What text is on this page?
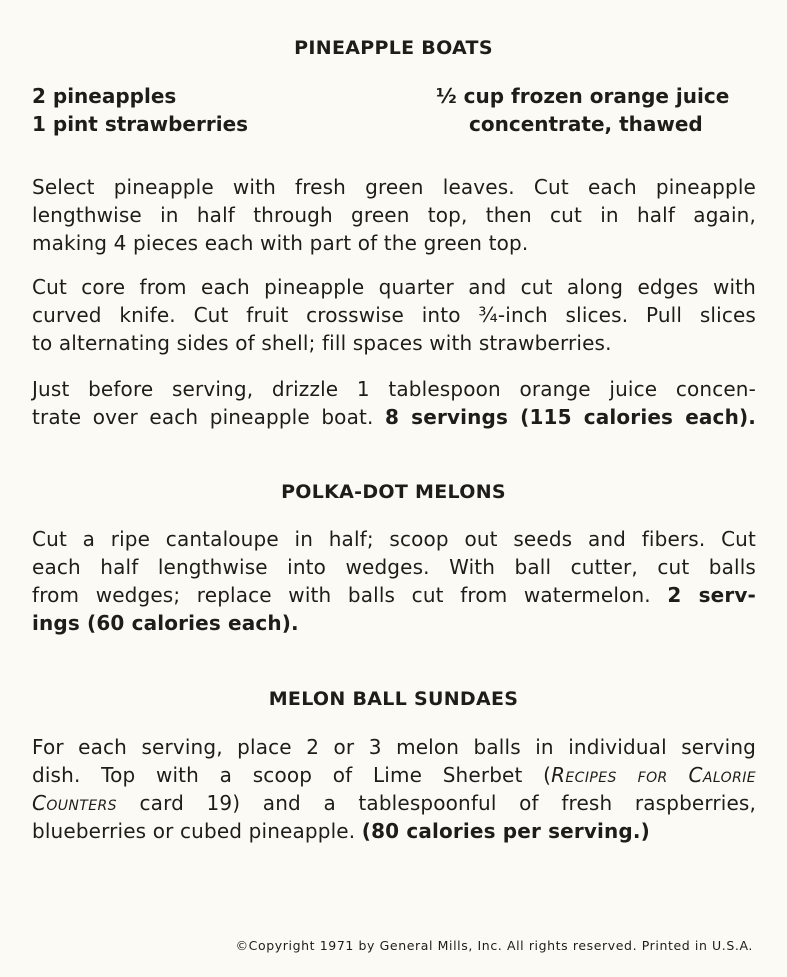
PINEAPPLE BOATS
2 pineapples
1 pint strawberries
½ cup frozen orange juice
concentrate, thawed
Select pineapple with fresh green leaves. Cut each pineapple
lengthwise in half through green top, then cut in half again,
making 4 pieces each with part of the green top.
Cut core from each pineapple quarter and cut along edges with
curved knife. Cut fruit crosswise into ¾-inch slices. Pull slices
to alternating sides of shell; fill spaces with strawberries.
Just before serving, drizzle 1 tablespoon orange juice concen-
trate over each pineapple boat. 8 servings (115 calories each).
POLKA-DOT MELONS
Cut a ripe cantaloupe in half; scoop out seeds and fibers. Cut
each half lengthwise into wedges. With ball cutter, cut balls
from wedges; replace with balls cut from watermelon. 2 serv-
ings (60 calories each).
MELON BALL SUNDAES
For each serving, place 2 or 3 melon balls in individual serving
dish. Top with a scoop of Lime Sherbet (Recipes for Calorie
Counters card 19) and a tablespoonful of fresh raspberries,
blueberries or cubed pineapple. (80 calories per serving.)

©Copyright 1971 by General Mills, Inc. All rights reserved. Printed in U.S.A.
